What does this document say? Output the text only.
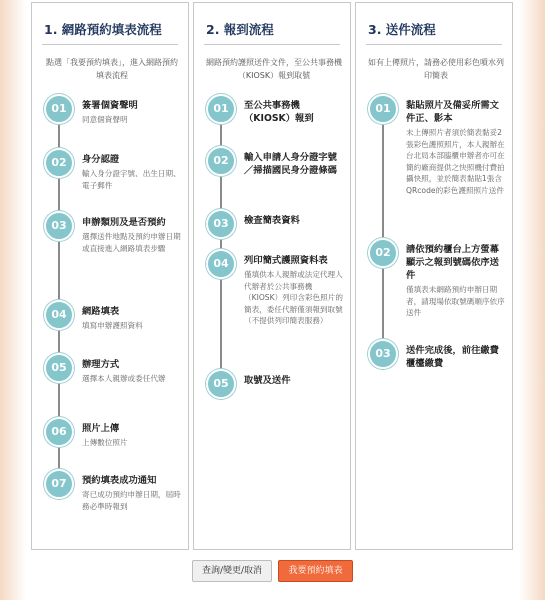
1. 網路預約填表流程
點選「我要預約填表」，進入網路預約填表流程
01	簽署個資聲明
同意個資聲明
02	身分認證
輸入身分證字號、出生日期、電子郵件
03	申辦類別及是否預約
選擇送件地點及預約申辦日期或直接進入網路填表步驟
04	網路填表
填寫申辦護照資料
05	辦理方式
選擇本人親辦或委任代辦
06	照片上傳
上傳數位照片
07	預約填表成功通知
寄已成功預約申辦日期，屆時務必準時報到
2. 報到流程
網路預約護照送件文件，至公共事務機（KIOSK）報到取號
01	至公共事務機（KIOSK）報到
02	輸入申請人身分證字號／掃描國民身分證條碼
03	檢查簡表資料
04	列印簡式護照資料表
僅填供本人親辦或法定代理人代辦者於公共事務機（KIOSK）列印含彩色照片的簡表，委任代辦僅須報到取號（不提供列印簡表服務）
05	取號及送件
3. 送件流程
如有上傳照片，請務必使用彩色噴水列印簡表
01	黏貼照片及備妥所需文件正、影本
未上傳照片者須於簡表黏妥2張彩色護照照片，本人親辦在台北局本部臨櫃申辦者亦可在簡約廠商提供之快照機付費拍攝快照，並於簡表黏貼1張含QRcode的彩色護照照片送件
02	請依預約櫃台上方螢幕顯示之報到號碼依序送件
僅填表未網路預約申辦日期者，請現場依取號碼順序依序送件
03	送件完成後，前往繳費櫃檯繳費
查詢/變更/取消	我要預約填表
